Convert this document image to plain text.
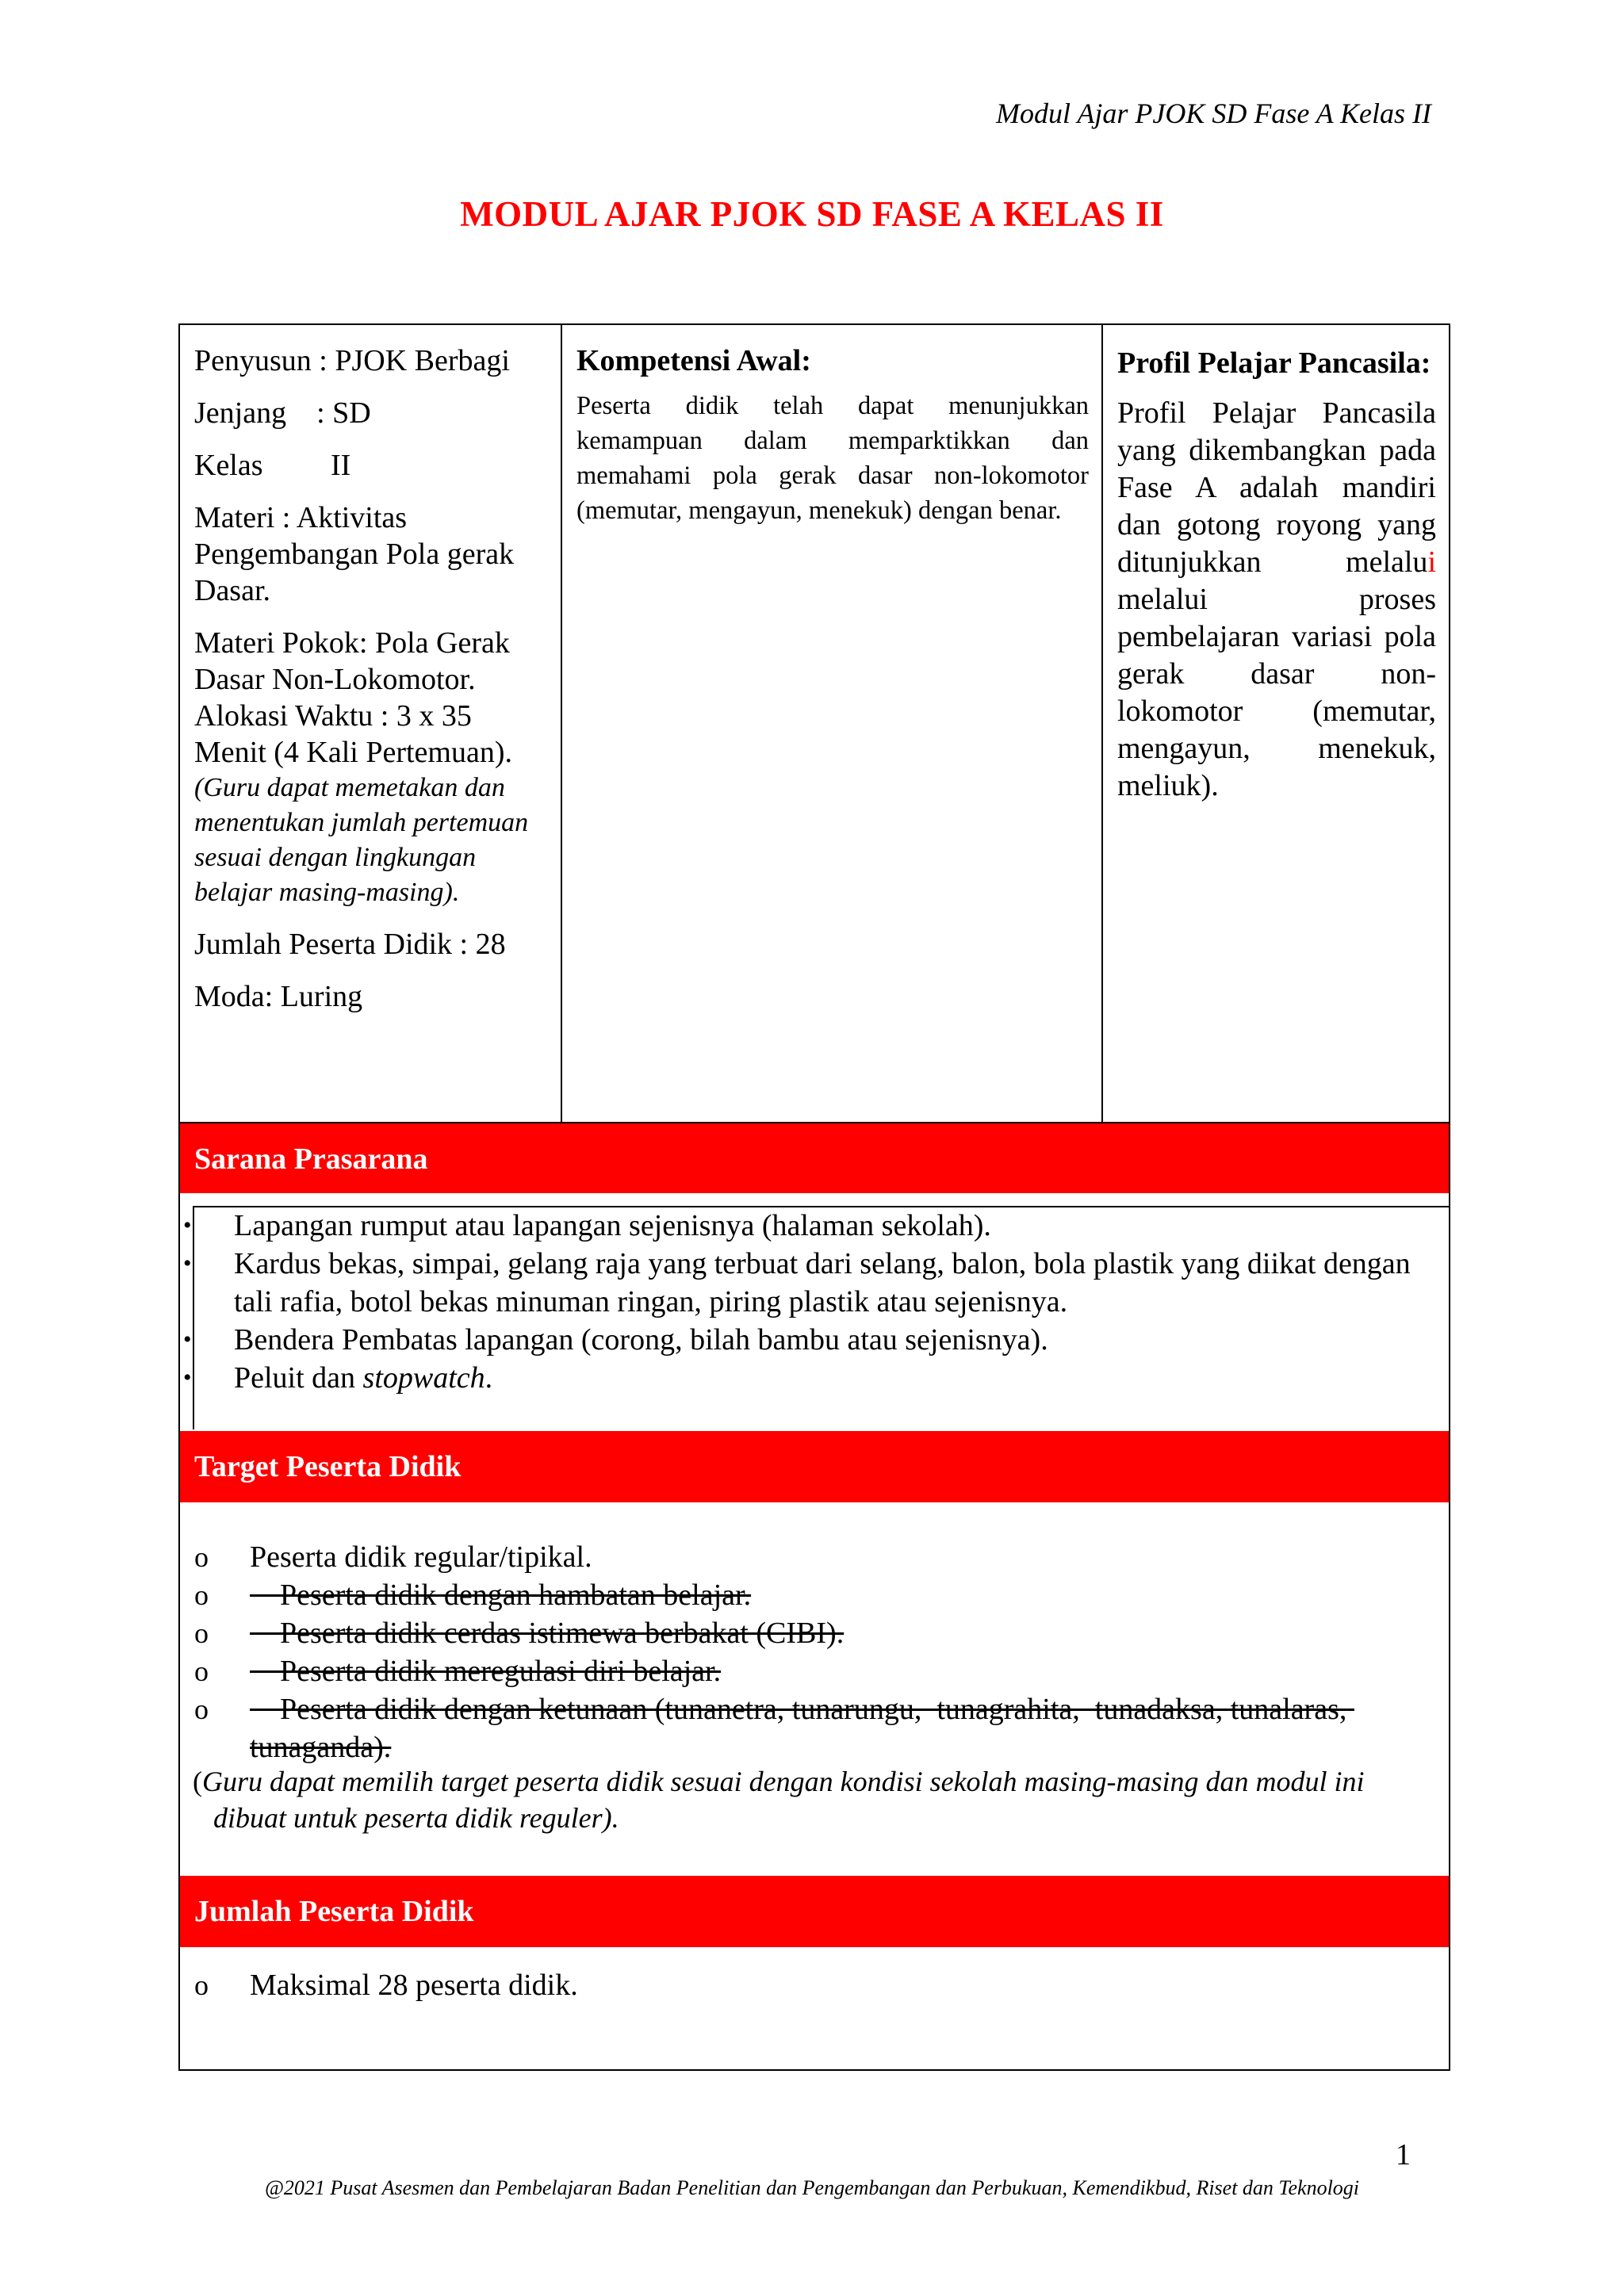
Modul Ajar PJOK SD Fase A Kelas II
MODUL AJAR PJOK SD FASE A KELAS II

Penyusun : PJOK Berbagi

Jenjang    : SD

Kelas         II

Materi : Aktivitas Pengembangan Pola gerak Dasar.

Materi Pokok: Pola Gerak Dasar Non-Lokomotor.

Alokasi Waktu : 3 x 35 Menit (4 Kali Pertemuan).

(Guru dapat memetakan dan menentukan jumlah pertemuan sesuai dengan lingkungan belajar masing-masing).

Jumlah Peserta Didik : 28

Moda: Luring

Kompetensi Awal:
Peserta didik telah dapat menunjukkan kemampuan dalam memparktikkan dan memahami pola gerak dasar non-lokomotor (memutar, mengayun, menekuk) dengan benar.
Profil Pelajar Pancasila:
Profil Pelajar Pancasila yang dikembangkan pada Fase A adalah mandiri dan gotong royong yang ditunjukkan melalui melalui proses pembelajaran variasi pola gerak dasar non-lokomotor (memutar, mengayun, menekuk, meliuk).
Sarana Prasarana
Target Peserta Didik
Jumlah Peserta Didik
• Lapangan rumput atau lapangan sejenisnya (halaman sekolah).
• Kardus bekas, simpai, gelang raja yang terbuat dari selang, balon, bola plastik yang diikat dengan tali rafia, botol bekas minuman ringan, piring plastik atau sejenisnya.
• Bendera Pembatas lapangan (corong, bilah bambu atau sejenisnya).
• Peluit dan stopwatch.
o Peserta didik regular/tipikal.
o Peserta didik dengan hambatan belajar.
o Peserta didik cerdas istimewa berbakat (CIBI).
o Peserta didik meregulasi diri belajar.
o Peserta didik dengan ketunaan (tunanetra, tunarungu,  tunagrahita,  tunadaksa, tunalaras, tunaganda).
(Guru dapat memilih target peserta didik sesuai dengan kondisi sekolah masing-masing dan modul ini
dibuat untuk peserta didik reguler).
o Maksimal 28 peserta didik.
1
@2021 Pusat Asesmen dan Pembelajaran Badan Penelitian dan Pengembangan dan Perbukuan, Kemendikbud, Riset dan Teknologi
